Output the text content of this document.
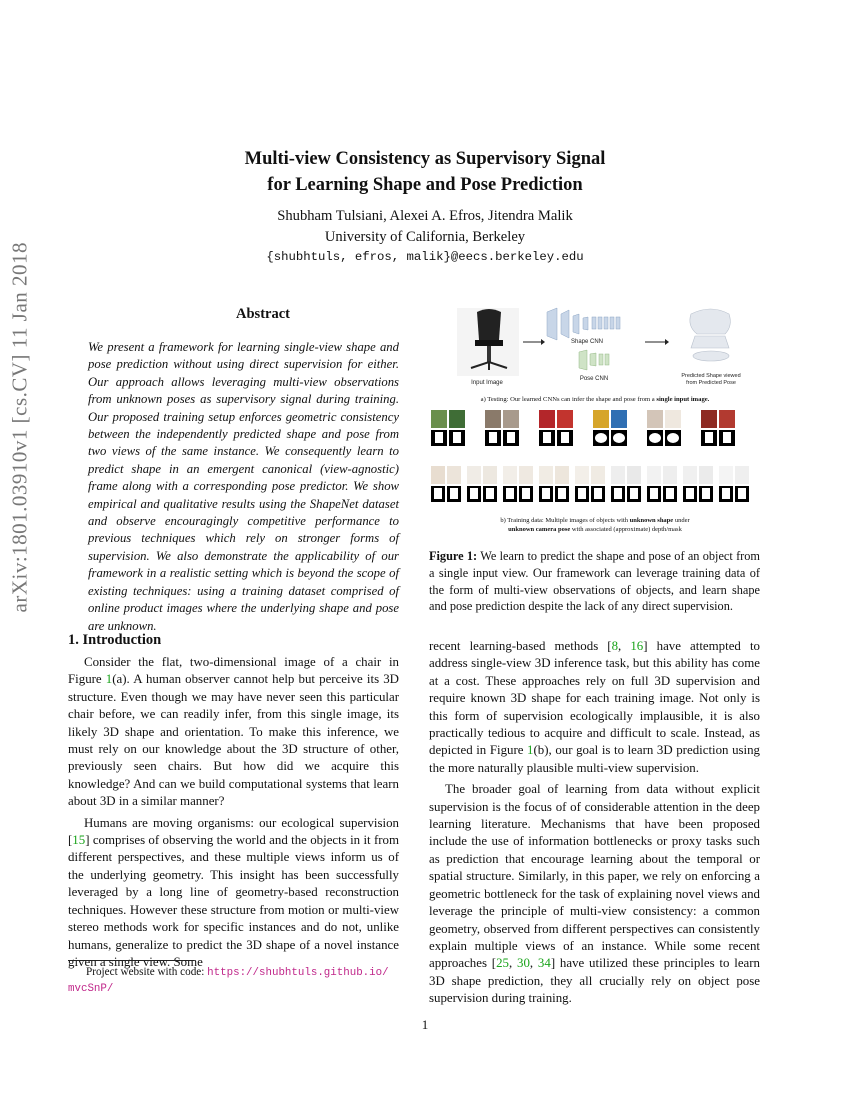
arXiv:1801.03910v1 [cs.CV] 11 Jan 2018
Multi-view Consistency as Supervisory Signal
for Learning Shape and Pose Prediction
Shubham Tulsiani, Alexei A. Efros, Jitendra Malik
University of California, Berkeley
{shubhtuls, efros, malik}@eecs.berkeley.edu
Abstract

We present a framework for learning single-view shape and pose prediction without using direct supervision for either. Our approach allows leveraging multi-view observations from unknown poses as supervisory signal during training. Our proposed training setup enforces geometric consistency between the independently predicted shape and pose from two views of the same instance. We consequently learn to predict shape in an emergent canonical (view-agnostic) frame along with a corresponding pose predictor. We show empirical and qualitative results using the ShapeNet dataset and observe encouragingly competitive performance to previous techniques which rely on stronger forms of supervision. We also demonstrate the applicability of our framework in a realistic setting which is beyond the scope of existing techniques: using a training dataset comprised of online product images where the underlying shape and pose are unknown.

1. Introduction

Consider the flat, two-dimensional image of a chair in Figure 1(a). A human observer cannot help but perceive its 3D structure. Even though we may have never seen this particular chair before, we can readily infer, from this single image, its likely 3D shape and orientation. To make this inference, we must rely on our knowledge about the 3D structure of other, previously seen chairs. But how did we acquire this knowledge? And can we build computational systems that learn about 3D in a similar manner?

Humans are moving organisms: our ecological supervision [15] comprises of observing the world and the objects in it from different perspectives, and these multiple views inform us of the underlying geometry. This insight has been successfully leveraged by a long line of geometry-based reconstruction techniques. However these structure from motion or multi-view stereo methods work for specific instances and do not, unlike humans, generalize to predict the 3D shape of a novel instance given a single view. Some

recent learning-based methods [8, 16] have attempted to address single-view 3D inference task, but this ability has come at a cost. These approaches rely on full 3D supervision and require known 3D shape for each training image. Not only is this form of supervision ecologically implausible, it is also practically tedious to acquire and difficult to scale. Instead, as depicted in Figure 1(b), our goal is to learn 3D prediction using the more naturally plausible multi-view supervision.

The broader goal of learning from data without explicit supervision is the focus of of considerable attention in the deep learning literature. Mechanisms that have been proposed include the use of information bottlenecks or proxy tasks such as prediction that encourage learning about the temporal or spatial structure. Similarly, in this paper, we rely on enforcing a geometric bottleneck for the task of explaining novel views and leverage the principle of multi-view consistency: a common geometry, observed from different perspectives can consistently explain multiple views of an instance. While some recent approaches [25, 30, 34] have utilized these principles to learn 3D shape prediction, they all crucially rely on object pose supervision during training.

Project website with code: https://shubhtuls.github.io/
mvcSnP/
Input Image
Shape CNN
Pose CNN	Predicted Shape viewed
from Predicted Pose
a) Testing: Our learned CNNs can infer the shape and pose from a single input image.
b) Training data: Multiple images of objects with unknown shape under
unknown camera pose with associated (approximate) depth/mask
Figure 1: We learn to predict the shape and pose of an object from a single input view. Our framework can leverage training data of the form of multi-view observations of objects, and learn shape and pose prediction despite the lack of any direct supervision.
1
